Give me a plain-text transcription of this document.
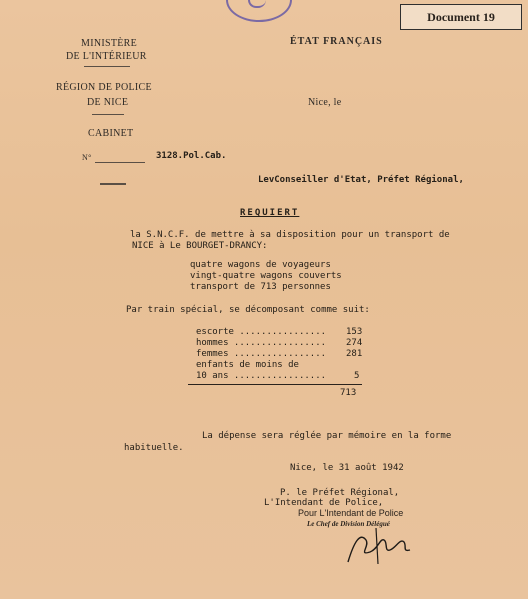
Document 19
MINISTÈRE
DE L'INTÉRIEUR
RÉGION DE POLICE
DE NICE
CABINET
ÉTAT FRANÇAIS
Nice, le
N°	3128.Pol.Cab.
LevConseiller d'Etat, Préfet Régional,
REQUIERT
la S.N.C.F. de mettre à sa disposition pour un transport de
NICE à Le BOURGET-DRANCY:
quatre wagons de voyageurs
vingt-quatre wagons couverts
transport de 713 personnes
Par train spécial, se décomposant comme suit:
escorte ................ 153
hommes ................. 274
femmes ................. 281
enfants de moins de
10 ans .................	5
713
La dépense sera réglée par mémoire en la forme
habituelle.
Nice, le 31 août 1942
P. le Préfet Régional,
L'Intendant de Police,
Pour L'Intendant de Police
Le Chef de Division Délégué
